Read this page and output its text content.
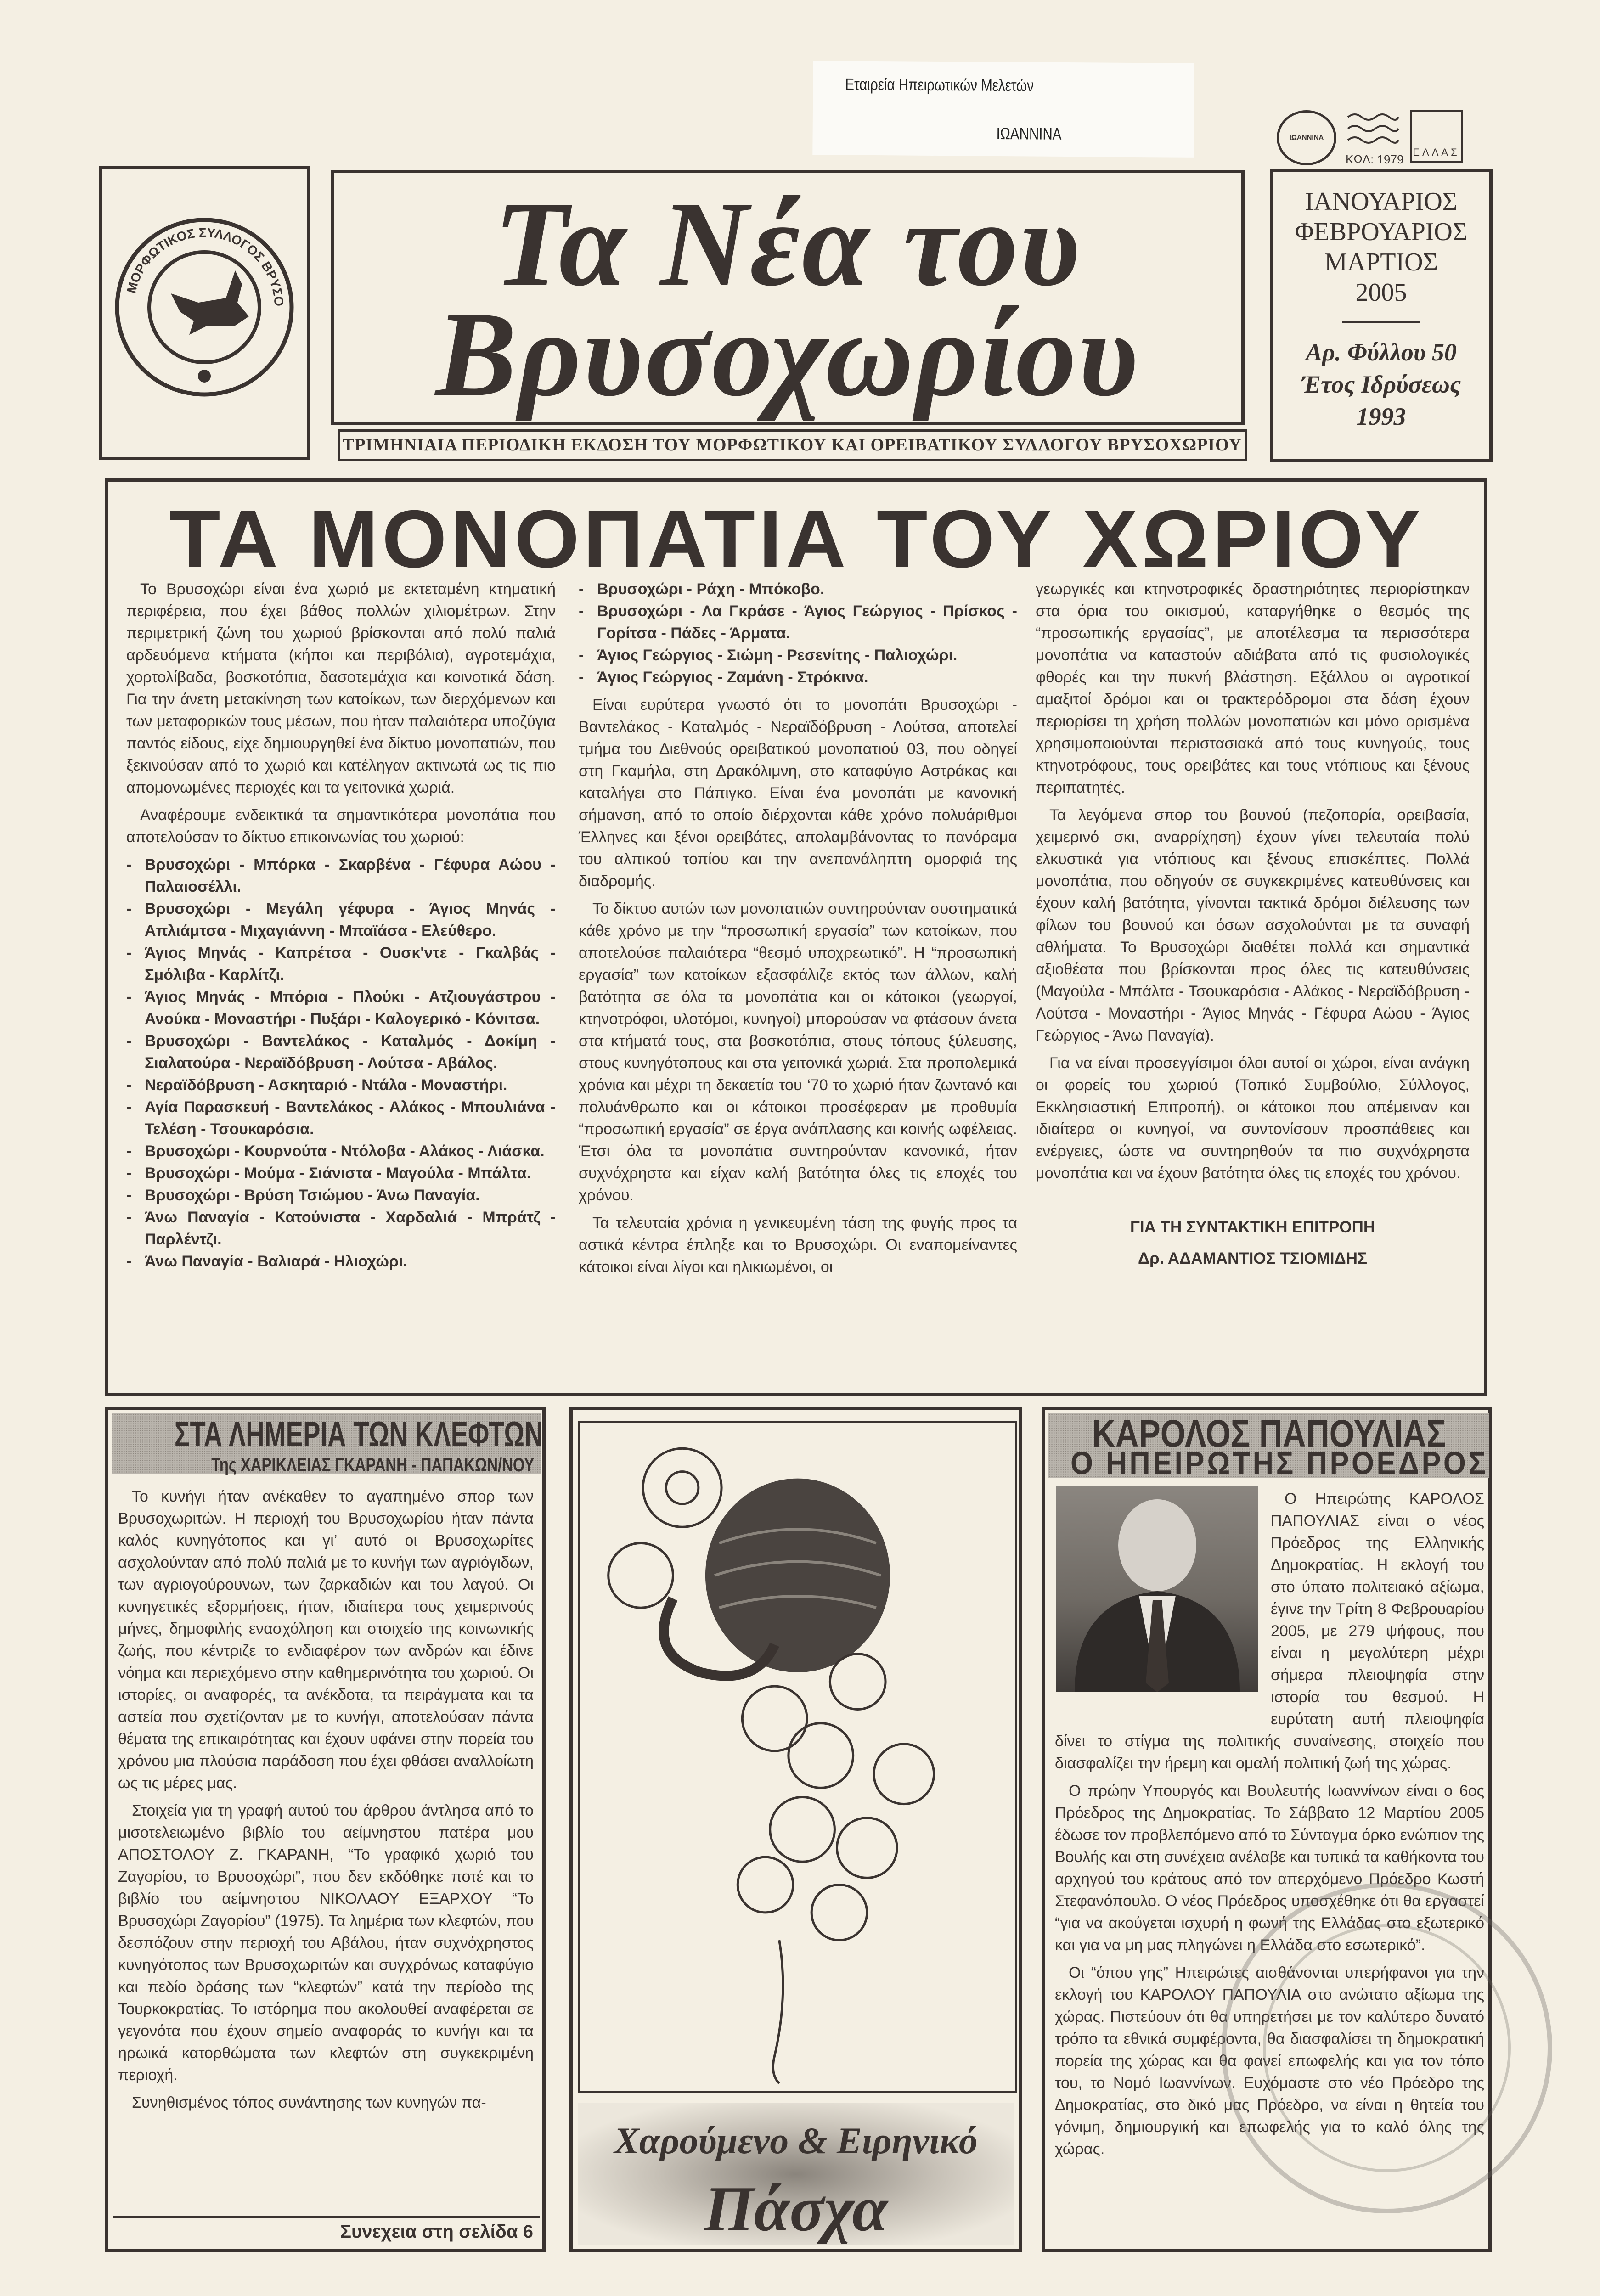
Εταιρεία Ηπειρωτικών Μελετών
ΙΩΑΝΝΙΝΑ	ΙΩΑΝΝΙΝΑ
ΚΩΔ: 1979
ΕΛΛΑΣ
ΜΟΡΦΩΤΙΚΟΣ ΣΥΛΛΟΓΟΣ ΒΡΥΣΟ	Τα Νέα του
Βρυσοχωρίου
ΤΡΙΜΗΝΙΑΙΑ ΠΕΡΙΟΔΙΚΗ ΕΚΔΟΣΗ ΤΟΥ ΜΟΡΦΩΤΙΚΟΥ ΚΑΙ ΟΡΕΙΒΑΤΙΚΟΥ ΣΥΛΛΟΓΟΥ ΒΡΥΣΟΧΩΡΙΟΥ
ΙΑΝΟΥΑΡΙΟΣ
ΦΕΒΡΟΥΑΡΙΟΣ
ΜΑΡΤΙΟΣ
2005
Αρ. Φύλλου 50
Έτος Ιδρύσεως
1993
ΤΑ ΜΟΝΟΠΑΤΙΑ ΤΟΥ ΧΩΡΙΟΥ

Το Βρυσοχώρι είναι ένα χωριό με εκτεταμένη κτηματική περιφέρεια, που έχει βάθος πολλών χιλιομέτρων. Στην περιμετρική ζώνη του χωριού βρίσκονται από πολύ παλιά αρδευόμενα κτήματα (κήποι και περιβόλια), αγροτεμάχια, χορτολίβαδα, βοσκοτόπια, δασοτεμάχια και κοινοτικά δάση. Για την άνετη μετακίνηση των κατοίκων, των διερχόμενων και των μεταφορικών τους μέσων, που ήταν παλαιότερα υποζύγια παντός είδους, είχε δημιουργηθεί ένα δίκτυο μονοπατιών, που ξεκινούσαν από το χωριό και κατέληγαν ακτινωτά ως τις πιο απομονωμένες περιοχές και τα γειτονικά χωριά.

Αναφέρουμε ενδεικτικά τα σημαντικότερα μονοπάτια που αποτελούσαν το δίκτυο επικοινωνίας του χωριού:

- Βρυσοχώρι - Μπόρκα - Σκαρβένα - Γέφυρα Αώου - Παλαιοσέλλι.
- Βρυσοχώρι - Μεγάλη γέφυρα - Άγιος Μηνάς - Απλιάμτσα - Μιχαγιάννη - Μπαϊάσα - Ελεύθερο.
- Άγιος Μηνάς - Καπρέτσα - Ουσκ'ντε - Γκαλβάς - Σμόλιβα - Καρλίτζι.
- Άγιος Μηνάς - Μπόρια - Πλούκι - Ατζιουγάστρου - Ανούκα - Μοναστήρι - Πυξάρι - Καλογερικό - Κόνιτσα.
- Βρυσοχώρι - Βαντελάκος - Καταλμός - Δοκίμη - Σιαλατούρα - Νεραϊδόβρυση - Λούτσα - Αβάλος.
- Νεραϊδόβρυση - Ασκηταριό - Ντάλα - Μοναστήρι.
- Αγία Παρασκευή - Βαντελάκος - Αλάκος - Μπουλιάνα - Τελέση - Τσουκαρόσια.
- Βρυσοχώρι - Κουρνούτα - Ντόλοβα - Αλάκος - Λιάσκα.
- Βρυσοχώρι - Μούμα - Σιάνιστα - Μαγούλα - Μπάλτα.
- Βρυσοχώρι - Βρύση Τσιώμου - Άνω Παναγία.
- Άνω Παναγία - Κατούνιστα - Χαρδαλιά - Μπράτζ - Παρλέντζι.
- Άνω Παναγία - Βαλιαρά - Ηλιοχώρι.
- Βρυσοχώρι - Ράχη - Μπόκοβο.
- Βρυσοχώρι - Λα Γκράσε - Άγιος Γεώργιος - Πρίσκος - Γορίτσα - Πάδες - Άρματα.
- Άγιος Γεώργιος - Σιώμη - Ρεσενίτης - Παλιοχώρι.
- Άγιος Γεώργιος - Ζαμάνη - Στρόκινα.

Είναι ευρύτερα γνωστό ότι το μονοπάτι Βρυσοχώρι - Βαντελάκος - Καταλμός - Νεραϊδόβρυση - Λούτσα, αποτελεί τμήμα του Διεθνούς ορειβατικού μονοπατιού 03, που οδηγεί στη Γκαμήλα, στη Δρακόλιμνη, στο καταφύγιο Αστράκας και καταλήγει στο Πάπιγκο. Είναι ένα μονοπάτι με κανονική σήμανση, από το οποίο διέρχονται κάθε χρόνο πολυάριθμοι Έλληνες και ξένοι ορειβάτες, απολαμβάνοντας το πανόραμα του αλπικού τοπίου και την ανεπανάληπτη ομορφιά της διαδρομής.

Το δίκτυο αυτών των μονοπατιών συντηρούνταν συστηματικά κάθε χρόνο με την “προσωπική εργασία” των κατοίκων, που αποτελούσε παλαιότερα “θεσμό υποχρεωτικό”. Η “προσωπική εργασία” των κατοίκων εξασφάλιζε εκτός των άλλων, καλή βατότητα σε όλα τα μονοπάτια και οι κάτοικοι (γεωργοί, κτηνοτρόφοι, υλοτόμοι, κυνηγοί) μπορούσαν να φτάσουν άνετα στα κτήματά τους, στα βοσκοτόπια, στους τόπους ξύλευσης, στους κυνηγότοπους και στα γειτονικά χωριά. Στα προπολεμικά χρόνια και μέχρι τη δεκαετία του ‘70 το χωριό ήταν ζωντανό και πολυάνθρωπο και οι κάτοικοι προσέφεραν με προθυμία “προσωπική εργασία” σε έργα ανάπλασης και κοινής ωφέλειας. Έτσι όλα τα μονοπάτια συντηρούνταν κανονικά, ήταν συχνόχρηστα και είχαν καλή βατότητα όλες τις εποχές του χρόνου.

Τα τελευταία χρόνια η γενικευμένη τάση της φυγής προς τα αστικά κέντρα έπληξε και το Βρυσοχώρι. Οι εναπομείναντες κάτοικοι είναι λίγοι και ηλικιωμένοι, οι

γεωργικές και κτηνοτροφικές δραστηριότητες περιορίστηκαν στα όρια του οικισμού, καταργήθηκε ο θεσμός της “προσωπικής εργασίας”, με αποτέλεσμα τα περισσότερα μονοπάτια να καταστούν αδιάβατα από τις φυσιολογικές φθορές και την πυκνή βλάστηση. Εξάλλου οι αγροτικοί αμαξιτοί δρόμοι και οι τρακτερόδρομοι στα δάση έχουν περιορίσει τη χρήση πολλών μονοπατιών και μόνο ορισμένα χρησιμοποιούνται περιστασιακά από τους κυνηγούς, τους κτηνοτρόφους, τους ορειβάτες και τους ντόπιους και ξένους περιπατητές.

Τα λεγόμενα σπορ του βουνού (πεζοπορία, ορειβασία, χειμερινό σκι, αναρρίχηση) έχουν γίνει τελευταία πολύ ελκυστικά για ντόπιους και ξένους επισκέπτες. Πολλά μονοπάτια, που οδηγούν σε συγκεκριμένες κατευθύνσεις και έχουν καλή βατότητα, γίνονται τακτικά δρόμοι διέλευσης των φίλων του βουνού και όσων ασχολούνται με τα συναφή αθλήματα. Το Βρυσοχώρι διαθέτει πολλά και σημαντικά αξιοθέατα που βρίσκονται προς όλες τις κατευθύνσεις (Μαγούλα - Μπάλτα - Τσουκαρόσια - Αλάκος - Νεραϊδόβρυση - Λούτσα - Μοναστήρι - Άγιος Μηνάς - Γέφυρα Αώου - Άγιος Γεώργιος - Άνω Παναγία).

Για να είναι προσεγγίσιμοι όλοι αυτοί οι χώροι, είναι ανάγκη οι φορείς του χωριού (Τοπικό Συμβούλιο, Σύλλογος, Εκκλησιαστική Επιτροπή), οι κάτοικοι που απέμειναν και ιδιαίτερα οι κυνηγοί, να συντονίσουν προσπάθειες και ενέργειες, ώστε να συντηρηθούν τα πιο συχνόχρηστα μονοπάτια και να έχουν βατότητα όλες τις εποχές του χρόνου.

ΓΙΑ ΤΗ ΣΥΝΤΑΚΤΙΚΗ ΕΠΙΤΡΟΠΗ
Δρ. ΑΔΑΜΑΝΤΙΟΣ ΤΣΙΟΜΙΔΗΣ
ΣΤΑ ΛΗΜΕΡΙΑ ΤΩΝ ΚΛΕΦΤΩΝ
Της ΧΑΡΙΚΛΕΙΑΣ ΓΚΑΡΑΝΗ - ΠΑΠΑΚΩΝ/ΝΟΥ

Το κυνήγι ήταν ανέκαθεν το αγαπημένο σπορ των Βρυσοχωριτών. Η περιοχή του Βρυσοχωρίου ήταν πάντα καλός κυνηγότοπος και γι’ αυτό οι Βρυσοχωρίτες ασχολούνταν από πολύ παλιά με το κυνήγι των αγριόγιδων, των αγριογούρουνων, των ζαρκαδιών και του λαγού. Οι κυνηγετικές εξορμήσεις, ήταν, ιδιαίτερα τους χειμερινούς μήνες, δημοφιλής ενασχόληση και στοιχείο της κοινωνικής ζωής, που κέντριζε το ενδιαφέρον των ανδρών και έδινε νόημα και περιεχόμενο στην καθημερινότητα του χωριού. Οι ιστορίες, οι αναφορές, τα ανέκδοτα, τα πειράγματα και τα αστεία που σχετίζονταν με το κυνήγι, αποτελούσαν πάντα θέματα της επικαιρότητας και έχουν υφάνει στην πορεία του χρόνου μια πλούσια παράδοση που έχει φθάσει αναλλοίωτη ως τις μέρες μας.

Στοιχεία για τη γραφή αυτού του άρθρου άντλησα από το μισοτελειωμένο βιβλίο του αείμνηστου πατέρα μου ΑΠΟΣΤΟΛΟΥ Ζ. ΓΚΑΡΑΝΗ, “Το γραφικό χωριό του Ζαγορίου, το Βρυσοχώρι”, που δεν εκδόθηκε ποτέ και το βιβλίο του αείμνηστου ΝΙΚΟΛΑΟΥ ΕΞΑΡΧΟΥ “Το Βρυσοχώρι Ζαγορίου” (1975). Τα λημέρια των κλεφτών, που δεσπόζουν στην περιοχή του Αβάλου, ήταν συχνόχρηστος κυνηγότοπος των Βρυσοχωριτών και συγχρόνως καταφύγιο και πεδίο δράσης των “κλεφτών” κατά την περίοδο της Τουρκοκρατίας. Το ιστόρημα που ακολουθεί αναφέρεται σε γεγονότα που έχουν σημείο αναφοράς το κυνήγι και τα ηρωικά κατορθώματα των κλεφτών στη συγκεκριμένη περιοχή.

Συνηθισμένος τόπος συνάντησης των κυνηγών πα-

Συνεχεια στη σελίδα 6
Χαρούμενο & Ειρηνικό
Πάσχα
ΚΑΡΟΛΟΣ ΠΑΠΟΥΛΙΑΣ
Ο ΗΠΕΙΡΩΤΗΣ ΠΡΟΕΔΡΟΣ

Ο Ηπειρώτης ΚΑΡΟΛΟΣ ΠΑΠΟΥΛΙΑΣ είναι ο νέος Πρόεδρος της Ελληνικής Δημοκρατίας. Η εκλογή του στο ύπατο πολιτειακό αξίωμα, έγινε την Τρίτη 8 Φεβρουαρίου 2005, με 279 ψήφους, που είναι η μεγαλύτερη μέχρι σήμερα πλειοψηφία στην ιστορία του θεσμού. Η ευρύτατη αυτή πλειοψηφία δίνει το στίγμα της πολιτικής συναίνεσης, στοιχείο που διασφαλίζει την ήρεμη και ομαλή πολιτική ζωή της χώρας.

Ο πρώην Υπουργός και Βουλευτής Ιωαννίνων είναι ο 6ος Πρόεδρος της Δημοκρατίας. Το Σάββατο 12 Μαρτίου 2005 έδωσε τον προβλεπόμενο από το Σύνταγμα όρκο ενώπιον της Βουλής και στη συνέχεια ανέλαβε και τυπικά τα καθήκοντα του αρχηγού του κράτους από τον απερχόμενο Πρόεδρο Κωστή Στεφανόπουλο. Ο νέος Πρόεδρος υποσχέθηκε ότι θα εργαστεί “για να ακούγεται ισχυρή η φωνή της Ελλάδας στο εξωτερικό και για να μη μας πληγώνει η Ελλάδα στο εσωτερικό”.

Οι “όπου γης” Ηπειρώτες αισθάνονται υπερήφανοι για την εκλογή του ΚΑΡΟΛΟΥ ΠΑΠΟΥΛΙΑ στο ανώτατο αξίωμα της χώρας. Πιστεύουν ότι θα υπηρετήσει με τον καλύτερο δυνατό τρόπο τα εθνικά συμφέροντα, θα διασφαλίσει τη δημοκρατική πορεία της χώρας και θα φανεί επωφελής και για τον τόπο του, το Νομό Ιωαννίνων. Ευχόμαστε στο νέο Πρόεδρο της Δημοκρατίας, στο δικό μας Πρόεδρο, να είναι η θητεία του γόνιμη, δημιουργική και επωφελής για το καλό όλης της χώρας.
